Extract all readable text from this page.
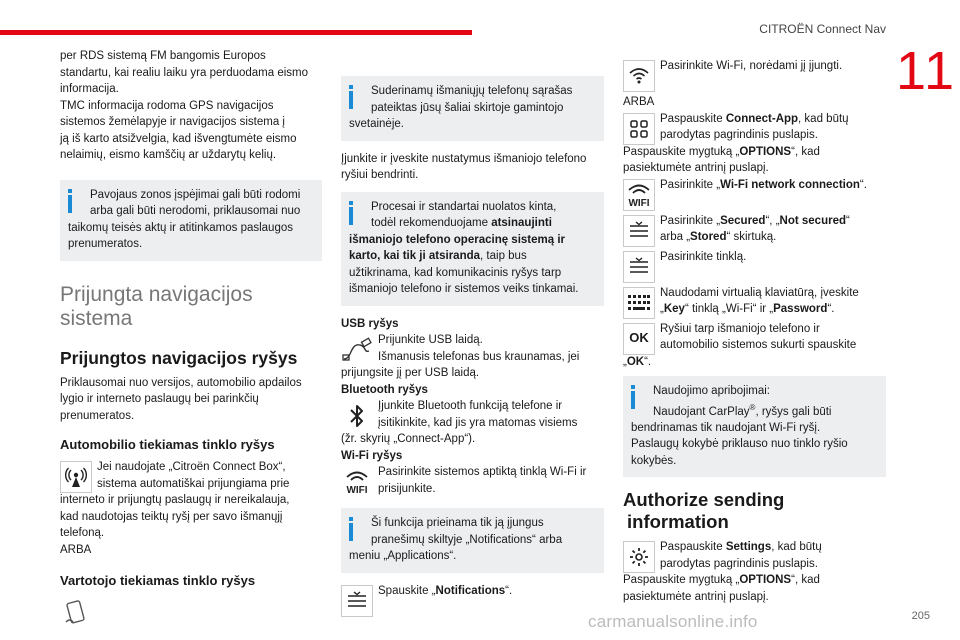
CITROËN Connect Nav
11

per RDS sistemą FM bangomis Europos
standartu, kai realiu laiku yra perduodama eismo
informacija.
TMC informacija rodoma GPS navigacijos
sistemos žemėlapyje ir navigacijos sistema į
ją iš karto atsižvelgia, kad išvengtumėte eismo
nelaimių, eismo kamščių ar uždarytų kelių.

Pavojaus zonos įspėjimai gali būti rodomi
arba gali būti nerodomi, priklausomai nuo
taikomų teisės aktų ir atitinkamos paslaugos
prenumeratos.
Prijungta navigacijos
sistema
Prijungtos navigacijos ryšys

Priklausomai nuo versijos, automobilio apdailos
lygio ir interneto paslaugų bei parinkčių
prenumeratos.

Automobilio tiekiamas tinklo ryšys
Jei naudojate „Citroën Connect Box“,
sistema automatiškai prijungiama prie
interneto ir prijungtų paslaugų ir nereikalauja,
kad naudotojas teiktų ryšį per savo išmanųjį
telefoną.
ARBA
Vartotojo tiekiamas tinklo ryšys
Suderinamų išmaniųjų telefonų sąrašas
pateiktas jūsų šaliai skirtoje gamintojo
svetainėje.

Įjunkite ir įveskite nustatymus išmaniojo telefono
ryšiui bendrinti.

Procesai ir standartai nuolatos kinta,
todėl rekomenduojame atsinaujinti
išmaniojo telefono operacinę sistemą ir
karto, kai tik ji atsiranda, taip bus
užtikrinama, kad komunikacinis ryšys tarp
išmaniojo telefono ir sistemos veiks tinkamai.
USB ryšys
Prijunkite USB laidą.
Išmanusis telefonas bus kraunamas, jei
prijungsite jį per USB laidą.
Bluetooth ryšys
Įjunkite Bluetooth funkciją telefone ir
įsitikinkite, kad jis yra matomas visiems
(žr. skyrių „Connect-App“).
Wi-Fi ryšys
WIFI
Pasirinkite sistemos aptiktą tinklą Wi-Fi ir
prisijunkite.
Ši funkcija prieinama tik ją įjungus
pranešimų skiltyje „Notifications“ arba
meniu „Applications“.
Spauskite „Notifications“.
Pasirinkite Wi-Fi, norėdami jį įjungti.

ARBA

Paspauskite Connect-App, kad būtų
parodytas pagrindinis puslapis.
Paspauskite mygtuką „OPTIONS“, kad
pasiektumėte antrinį puslapį.
WIFI
Pasirinkite „Wi-Fi network connection“.
Pasirinkite „Secured“, „Not secured“
arba „Stored“ skirtuką.
Pasirinkite tinklą.
Naudodami virtualią klaviatūrą, įveskite
„Key“ tinklą „Wi-Fi“ ir „Password“.
OK
Ryšiui tarp išmaniojo telefono ir
automobilio sistemos sukurti spauskite
„OK“.
Naudojimo apribojimai:
Naudojant CarPlay®, ryšys gali būti
bendrinamas tik naudojant Wi-Fi ryšį.
Paslaugų kokybė priklauso nuo tinklo ryšio
kokybės.
Authorize sending
information
Paspauskite Settings, kad būtų
parodytas pagrindinis puslapis.
Paspauskite mygtuką „OPTIONS“, kad
pasiektumėte antrinį puslapį.
carmanualsonline.info	205
